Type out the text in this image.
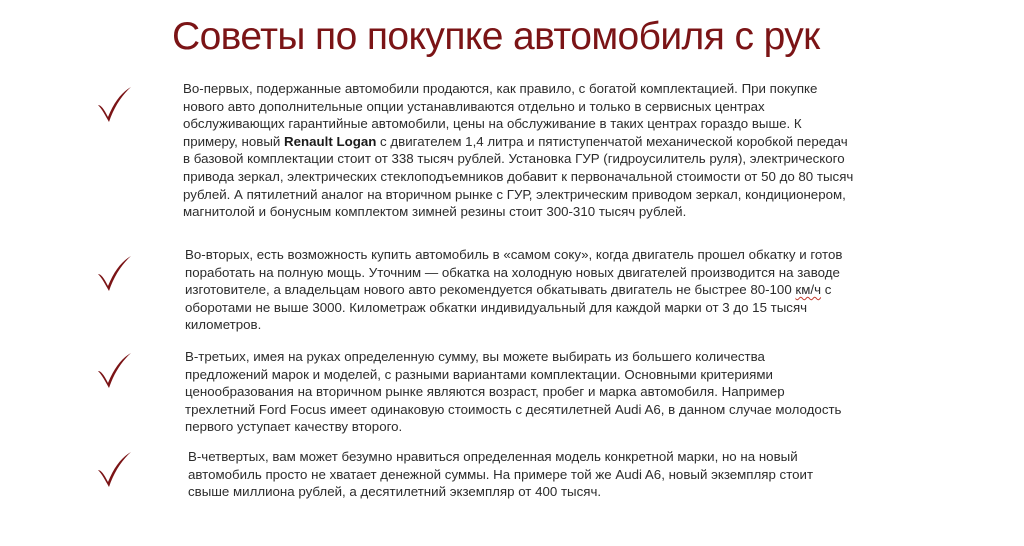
Советы по покупке автомобиля с рук

Во-первых, подержанные автомобили продаются, как правило, с богатой комплектацией. При покупке нового авто дополнительные опции устанавливаются отдельно и только в сервисных центрах обслуживающих гарантийные автомобили, цены на обслуживание в таких центрах гораздо выше. К примеру, новый Renault Logan с двигателем 1,4 литра и пятиступенчатой механической коробкой передач в базовой комплектации стоит от 338 тысяч рублей. Установка ГУР (гидроусилитель руля), электрического привода зеркал, электрических стеклоподъемников добавит к первоначальной стоимости от 50 до 80 тысяч рублей. А пятилетний аналог на вторичном рынке с ГУР, электрическим приводом зеркал, кондиционером, магнитолой и бонусным комплектом зимней резины стоит 300-310 тысяч рублей.

Во-вторых, есть возможность купить автомобиль в «самом соку», когда двигатель прошел обкатку и готов поработать на полную мощь. Уточним — обкатка на холодную новых двигателей производится на заводе изготовителе, а владельцам нового авто рекомендуется обкатывать двигатель не быстрее 80-100 км/ч с оборотами не выше 3000. Километраж обкатки индивидуальный для каждой марки от 3 до 15 тысяч километров.

В-третьих, имея на руках определенную сумму, вы можете выбирать из большего количества предложений марок и моделей, с разными вариантами комплектации. Основными критериями ценообразования на вторичном рынке являются возраст, пробег и марка автомобиля. Например трехлетний Ford Focus имеет одинаковую стоимость с десятилетней Audi A6, в данном случае молодость первого уступает качеству второго.

В-четвертых, вам может безумно нравиться определенная модель конкретной марки, но на новый автомобиль просто не хватает денежной суммы. На примере той же Audi A6, новый экземпляр стоит свыше миллиона рублей, а десятилетний экземпляр от 400 тысяч.
